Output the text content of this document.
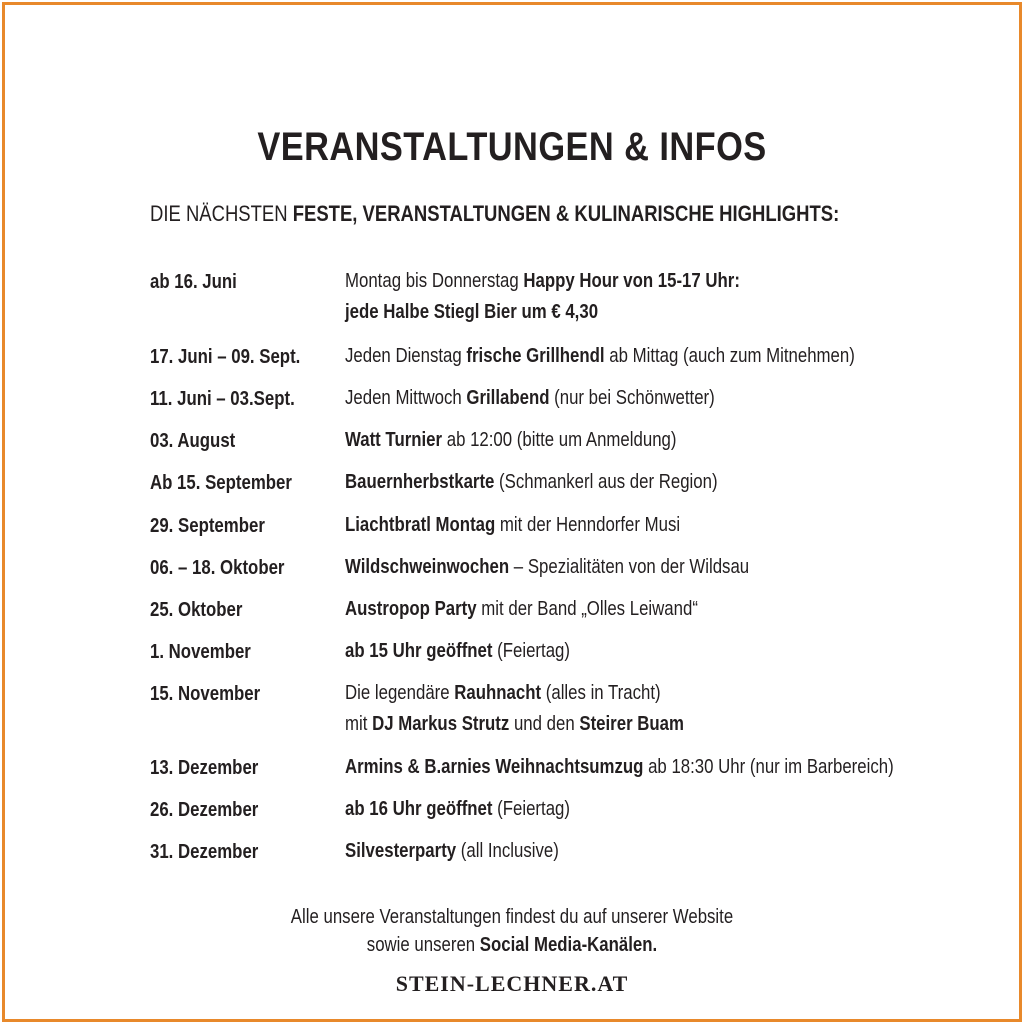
VERANSTALTUNGEN & INFOS
DIE NÄCHSTEN FESTE, VERANSTALTUNGEN & KULINARISCHE HIGHLIGHTS:
ab 16. Juni	Montag bis Donnerstag Happy Hour von 15-17 Uhr:
jede Halbe Stiegl Bier um € 4,30
17. Juni – 09. Sept.	Jeden Dienstag frische Grillhendl ab Mittag (auch zum Mitnehmen)
11. Juni – 03.Sept.	Jeden Mittwoch Grillabend (nur bei Schönwetter)
03. August	Watt Turnier ab 12:00 (bitte um Anmeldung)
Ab 15. September	Bauernherbstkarte (Schmankerl aus der Region)
29. September	Liachtbratl Montag mit der Henndorfer Musi
06. – 18. Oktober	Wildschweinwochen – Spezialitäten von der Wildsau
25. Oktober	Austropop Party mit der Band „Olles Leiwand“
1. November	ab 15 Uhr geöffnet (Feiertag)
15. November	Die legendäre Rauhnacht (alles in Tracht)
mit DJ Markus Strutz und den Steirer Buam
13. Dezember	Armins & B.arnies Weihnachtsumzug ab 18:30 Uhr (nur im Barbereich)
26. Dezember	ab 16 Uhr geöffnet (Feiertag)
31. Dezember	Silvesterparty (all Inclusive)
Alle unsere Veranstaltungen findest du auf unserer Website
sowie unseren Social Media-Kanälen.
STEIN-LECHNER.AT
